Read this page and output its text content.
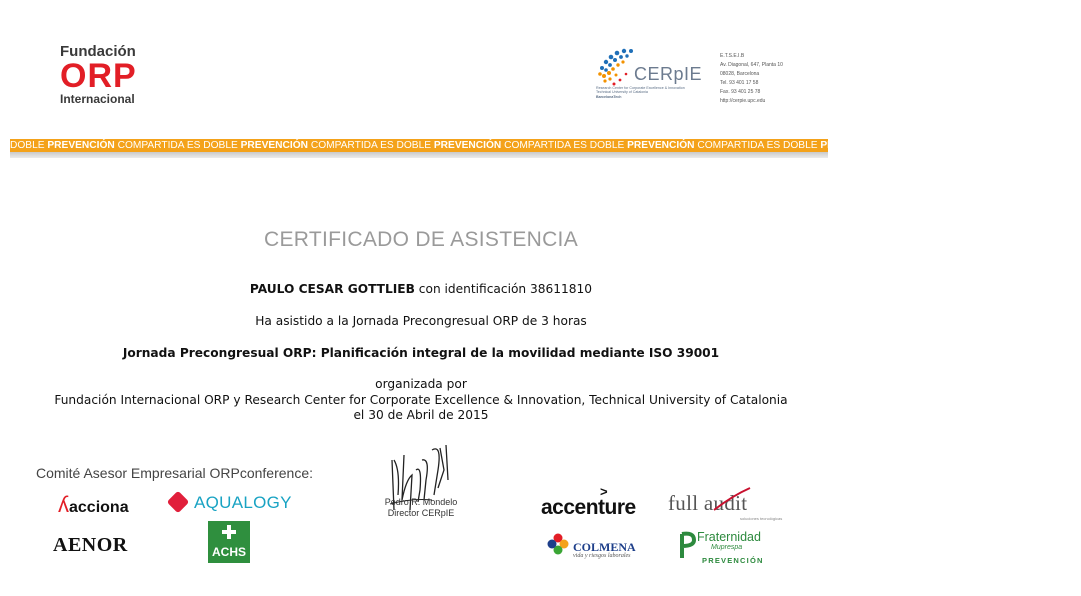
Fundación
ORP
Internacional
CERpIE
Research Center for Corporate Excellence & Innovation
Technical University of Catalonia
BarcelonaTech
E.T.S.E.I.B
Av. Diagonal, 647, Planta 10
08028, Barcelona
Tel. 93 401 17 58
Fax. 93 401 25 78
http://cerpie.upc.edu
DOBLE PREVENCIÓN COMPARTIDA ES DOBLE PREVENCIÓN COMPARTIDA ES DOBLE PREVENCIÓN COMPARTIDA ES DOBLE PREVENCIÓN COMPARTIDA ES DOBLE PREVENCIÓN COMPARTIDA ES DOBLE PREVENCIÓN
CERTIFICADO DE ASISTENCIA
PAULO CESAR GOTTLIEB con identificación 38611810
Ha asistido a la Jornada Precongresual ORP de 3 horas
Jornada Precongresual ORP: Planificación integral de la movilidad mediante ISO 39001
organizada por
Fundación Internacional ORP y Research Center for Corporate Excellence & Innovation, Technical University of Catalonia
el 30 de Abril de 2015
Comité Asesor Empresarial ORPconference:
ʎacciona	AQUALOGY
AENOR	ACHS
Pedro R. Mondelo
Director CERpIE
>
accenture full audit
soluciones tecnológicas
COLMENA
vida y riesgos laborales
Fraternidad
Muprespa
PREVENCIÓN
